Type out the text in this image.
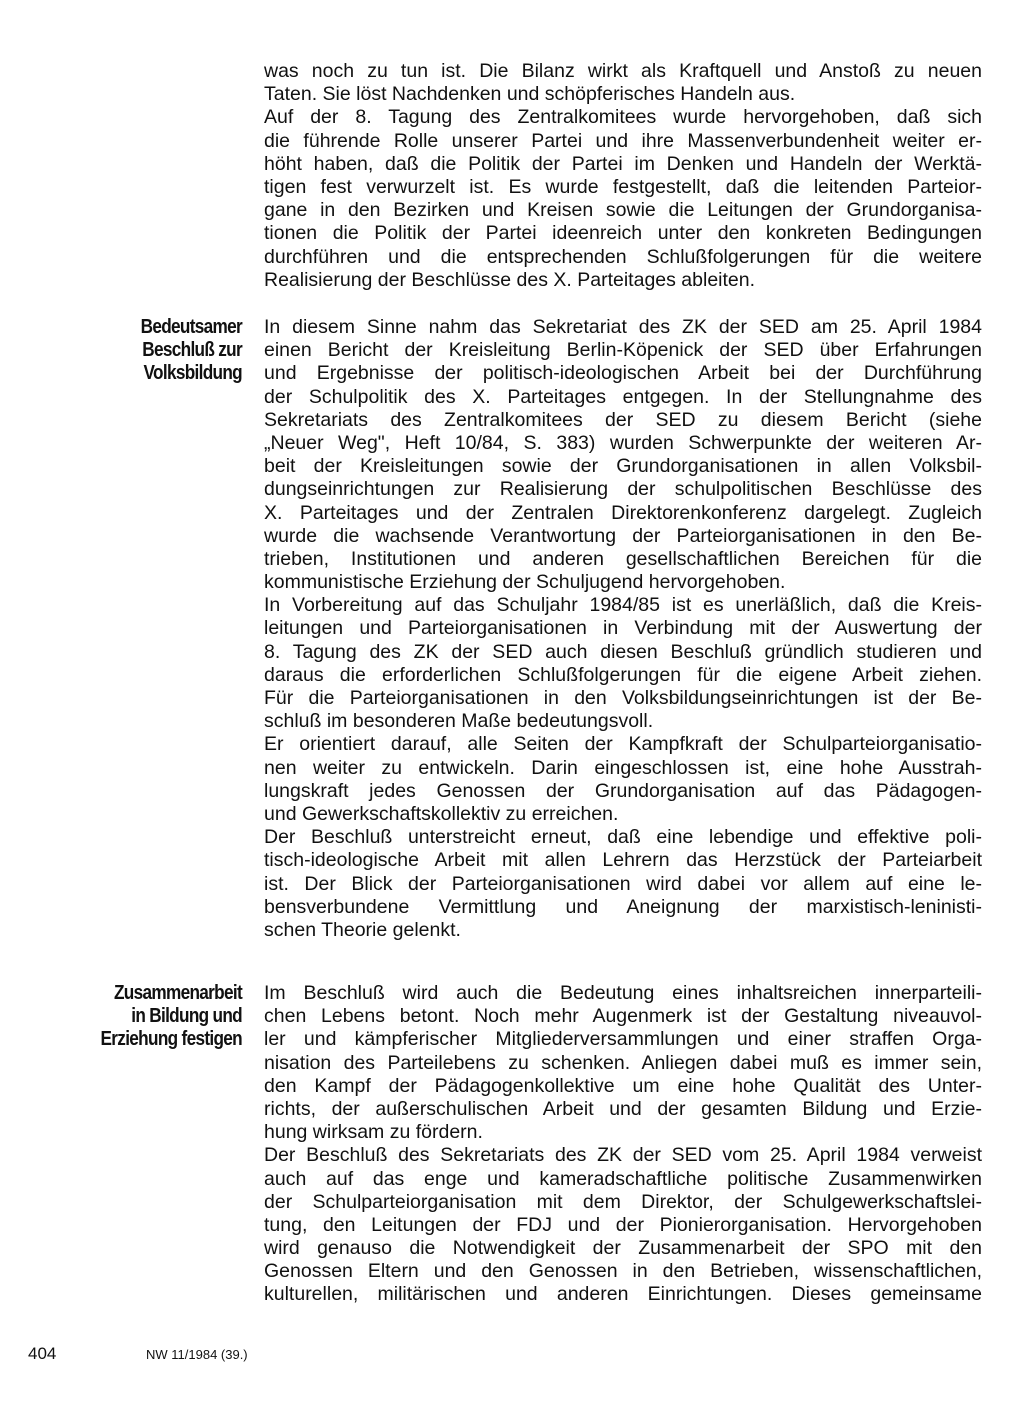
was noch zu tun ist. Die Bilanz wirkt als Kraftquell und Anstoß zu neuen
Taten. Sie löst Nachdenken und schöpferisches Handeln aus.
Auf der 8. Tagung des Zentralkomitees wurde hervorgehoben, daß sich
die führende Rolle unserer Partei und ihre Massenverbundenheit weiter er-
höht haben, daß die Politik der Partei im Denken und Handeln der Werktä-
tigen fest verwurzelt ist. Es wurde festgestellt, daß die leitenden Parteior-
gane in den Bezirken und Kreisen sowie die Leitungen der Grundorganisa-
tionen die Politik der Partei ideenreich unter den konkreten Bedingungen
durchführen und die entsprechenden Schlußfolgerungen für die weitere
Realisierung der Beschlüsse des X. Parteitages ableiten.
Bedeutsamer
Beschluß zur
Volksbildung
In diesem Sinne nahm das Sekretariat des ZK der SED am 25. April 1984
einen Bericht der Kreisleitung Berlin-Köpenick der SED über Erfahrungen
und Ergebnisse der politisch-ideologischen Arbeit bei der Durchführung
der Schulpolitik des X. Parteitages entgegen. In der Stellungnahme des
Sekretariats des Zentralkomitees der SED zu diesem Bericht (siehe
„Neuer Weg", Heft 10/84, S. 383) wurden Schwerpunkte der weiteren Ar-
beit der Kreisleitungen sowie der Grundorganisationen in allen Volksbil-
dungseinrichtungen zur Realisierung der schulpolitischen Beschlüsse des
X. Parteitages und der Zentralen Direktorenkonferenz dargelegt. Zugleich
wurde die wachsende Verantwortung der Parteiorganisationen in den Be-
trieben, Institutionen und anderen gesellschaftlichen Bereichen für die
kommunistische Erziehung der Schuljugend hervorgehoben.
In Vorbereitung auf das Schuljahr 1984/85 ist es unerläßlich, daß die Kreis-
leitungen und Parteiorganisationen in Verbindung mit der Auswertung der
8. Tagung des ZK der SED auch diesen Beschluß gründlich studieren und
daraus die erforderlichen Schlußfolgerungen für die eigene Arbeit ziehen.
Für die Parteiorganisationen in den Volksbildungseinrichtungen ist der Be-
schluß im besonderen Maße bedeutungsvoll.
Er orientiert darauf, alle Seiten der Kampfkraft der Schulparteiorganisatio-
nen weiter zu entwickeln. Darin eingeschlossen ist, eine hohe Ausstrah-
lungskraft jedes Genossen der Grundorganisation auf das Pädagogen-
und Gewerkschaftskollektiv zu erreichen.
Der Beschluß unterstreicht erneut, daß eine lebendige und effektive poli-
tisch-ideologische Arbeit mit allen Lehrern das Herzstück der Parteiarbeit
ist. Der Blick der Parteiorganisationen wird dabei vor allem auf eine le-
bensverbundene Vermittlung und Aneignung der marxistisch-leninisti-
schen Theorie gelenkt.
Zusammenarbeit
in Bildung und
Erziehung festigen
Im Beschluß wird auch die Bedeutung eines inhaltsreichen innerparteili-
chen Lebens betont. Noch mehr Augenmerk ist der Gestaltung niveauvol-
ler und kämpferischer Mitgliederversammlungen und einer straffen Orga-
nisation des Parteilebens zu schenken. Anliegen dabei muß es immer sein,
den Kampf der Pädagogenkollektive um eine hohe Qualität des Unter-
richts, der außerschulischen Arbeit und der gesamten Bildung und Erzie-
hung wirksam zu fördern.
Der Beschluß des Sekretariats des ZK der SED vom 25. April 1984 verweist
auch auf das enge und kameradschaftliche politische Zusammenwirken
der Schulparteiorganisation mit dem Direktor, der Schulgewerkschaftslei-
tung, den Leitungen der FDJ und der Pionierorganisation. Hervorgehoben
wird genauso die Notwendigkeit der Zusammenarbeit der SPO mit den
Genossen Eltern und den Genossen in den Betrieben, wissenschaftlichen,
kulturellen, militärischen und anderen Einrichtungen. Dieses gemeinsame
404	NW 11/1984 (39.)
